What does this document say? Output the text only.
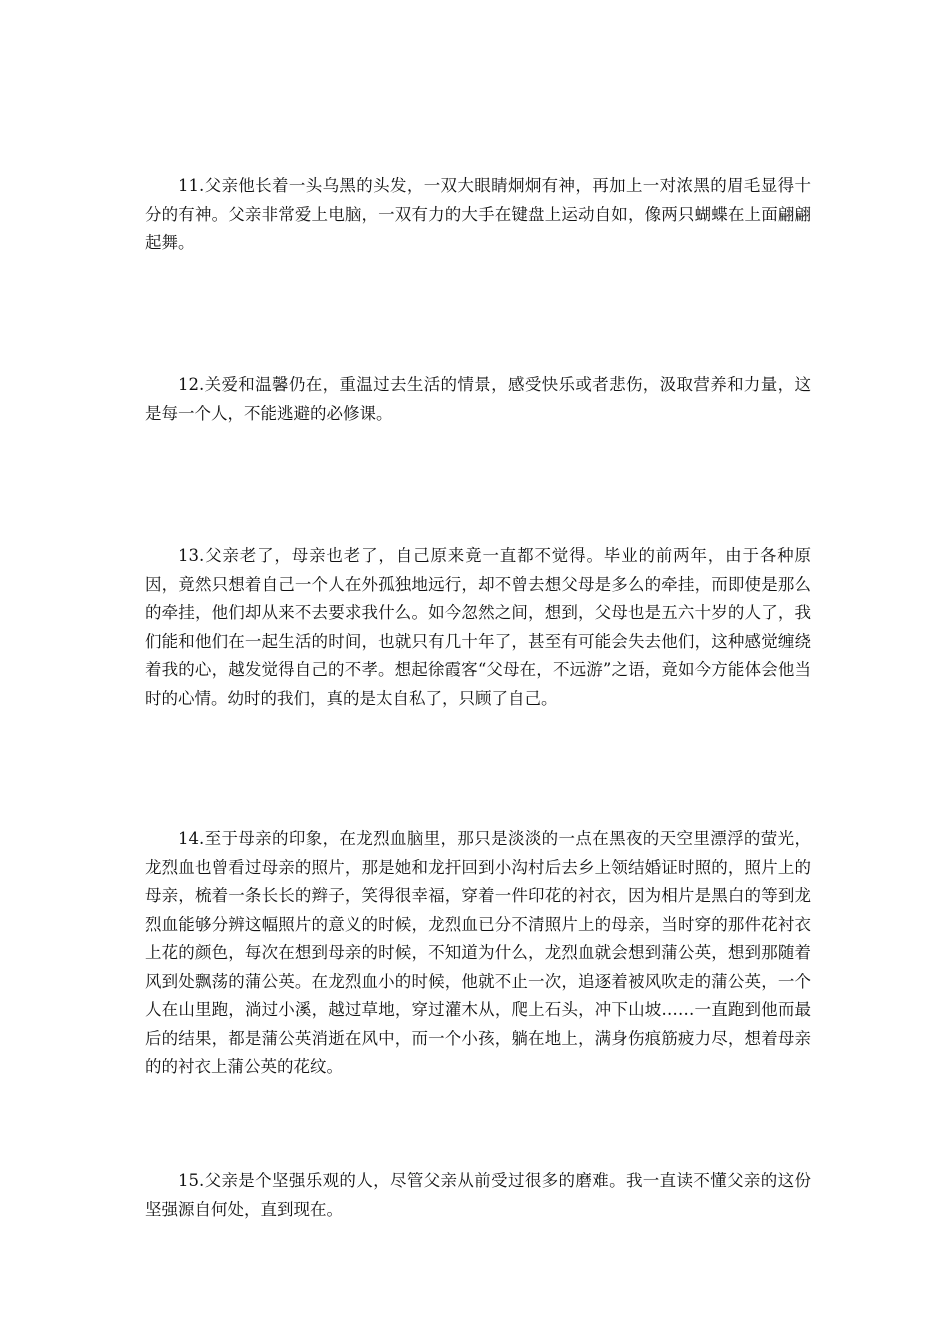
11.父亲他长着一头乌黑的头发，一双大眼睛炯炯有神，再加上一对浓黑的眉毛显得十分的有神。父亲非常爱上电脑，一双有力的大手在键盘上运动自如，像两只蝴蝶在上面翩翩起舞。

12.关爱和温馨仍在，重温过去生活的情景，感受快乐或者悲伤，汲取营养和力量，这是每一个人，不能逃避的必修课。

13.父亲老了，母亲也老了，自己原来竟一直都不觉得。毕业的前两年，由于各种原因，竟然只想着自己一个人在外孤独地远行，却不曾去想父母是多么的牵挂，而即使是那么的牵挂，他们却从来不去要求我什么。如今忽然之间，想到，父母也是五六十岁的人了，我们能和他们在一起生活的时间，也就只有几十年了，甚至有可能会失去他们，这种感觉缠绕着我的心，越发觉得自己的不孝。想起徐霞客“父母在，不远游”之语，竟如今方能体会他当时的心情。幼时的我们，真的是太自私了，只顾了自己。

14.至于母亲的印象，在龙烈血脑里，那只是淡淡的一点在黑夜的天空里漂浮的萤光，龙烈血也曾看过母亲的照片，那是她和龙扞回到小沟村后去乡上领结婚证时照的，照片上的母亲，梳着一条长长的辫子，笑得很幸福，穿着一件印花的衬衣，因为相片是黑白的等到龙烈血能够分辨这幅照片的意义的时候，龙烈血已分不清照片上的母亲，当时穿的那件花衬衣上花的颜色，每次在想到母亲的时候，不知道为什么，龙烈血就会想到蒲公英，想到那随着风到处飘荡的蒲公英。在龙烈血小的时候，他就不止一次，追逐着被风吹走的蒲公英，一个人在山里跑，淌过小溪，越过草地，穿过灌木从，爬上石头，冲下山坡……一直跑到他而最后的结果，都是蒲公英消逝在风中，而一个小孩，躺在地上，满身伤痕筋疲力尽，想着母亲的的衬衣上蒲公英的花纹。

15.父亲是个坚强乐观的人，尽管父亲从前受过很多的磨难。我一直读不懂父亲的这份坚强源自何处，直到现在。
